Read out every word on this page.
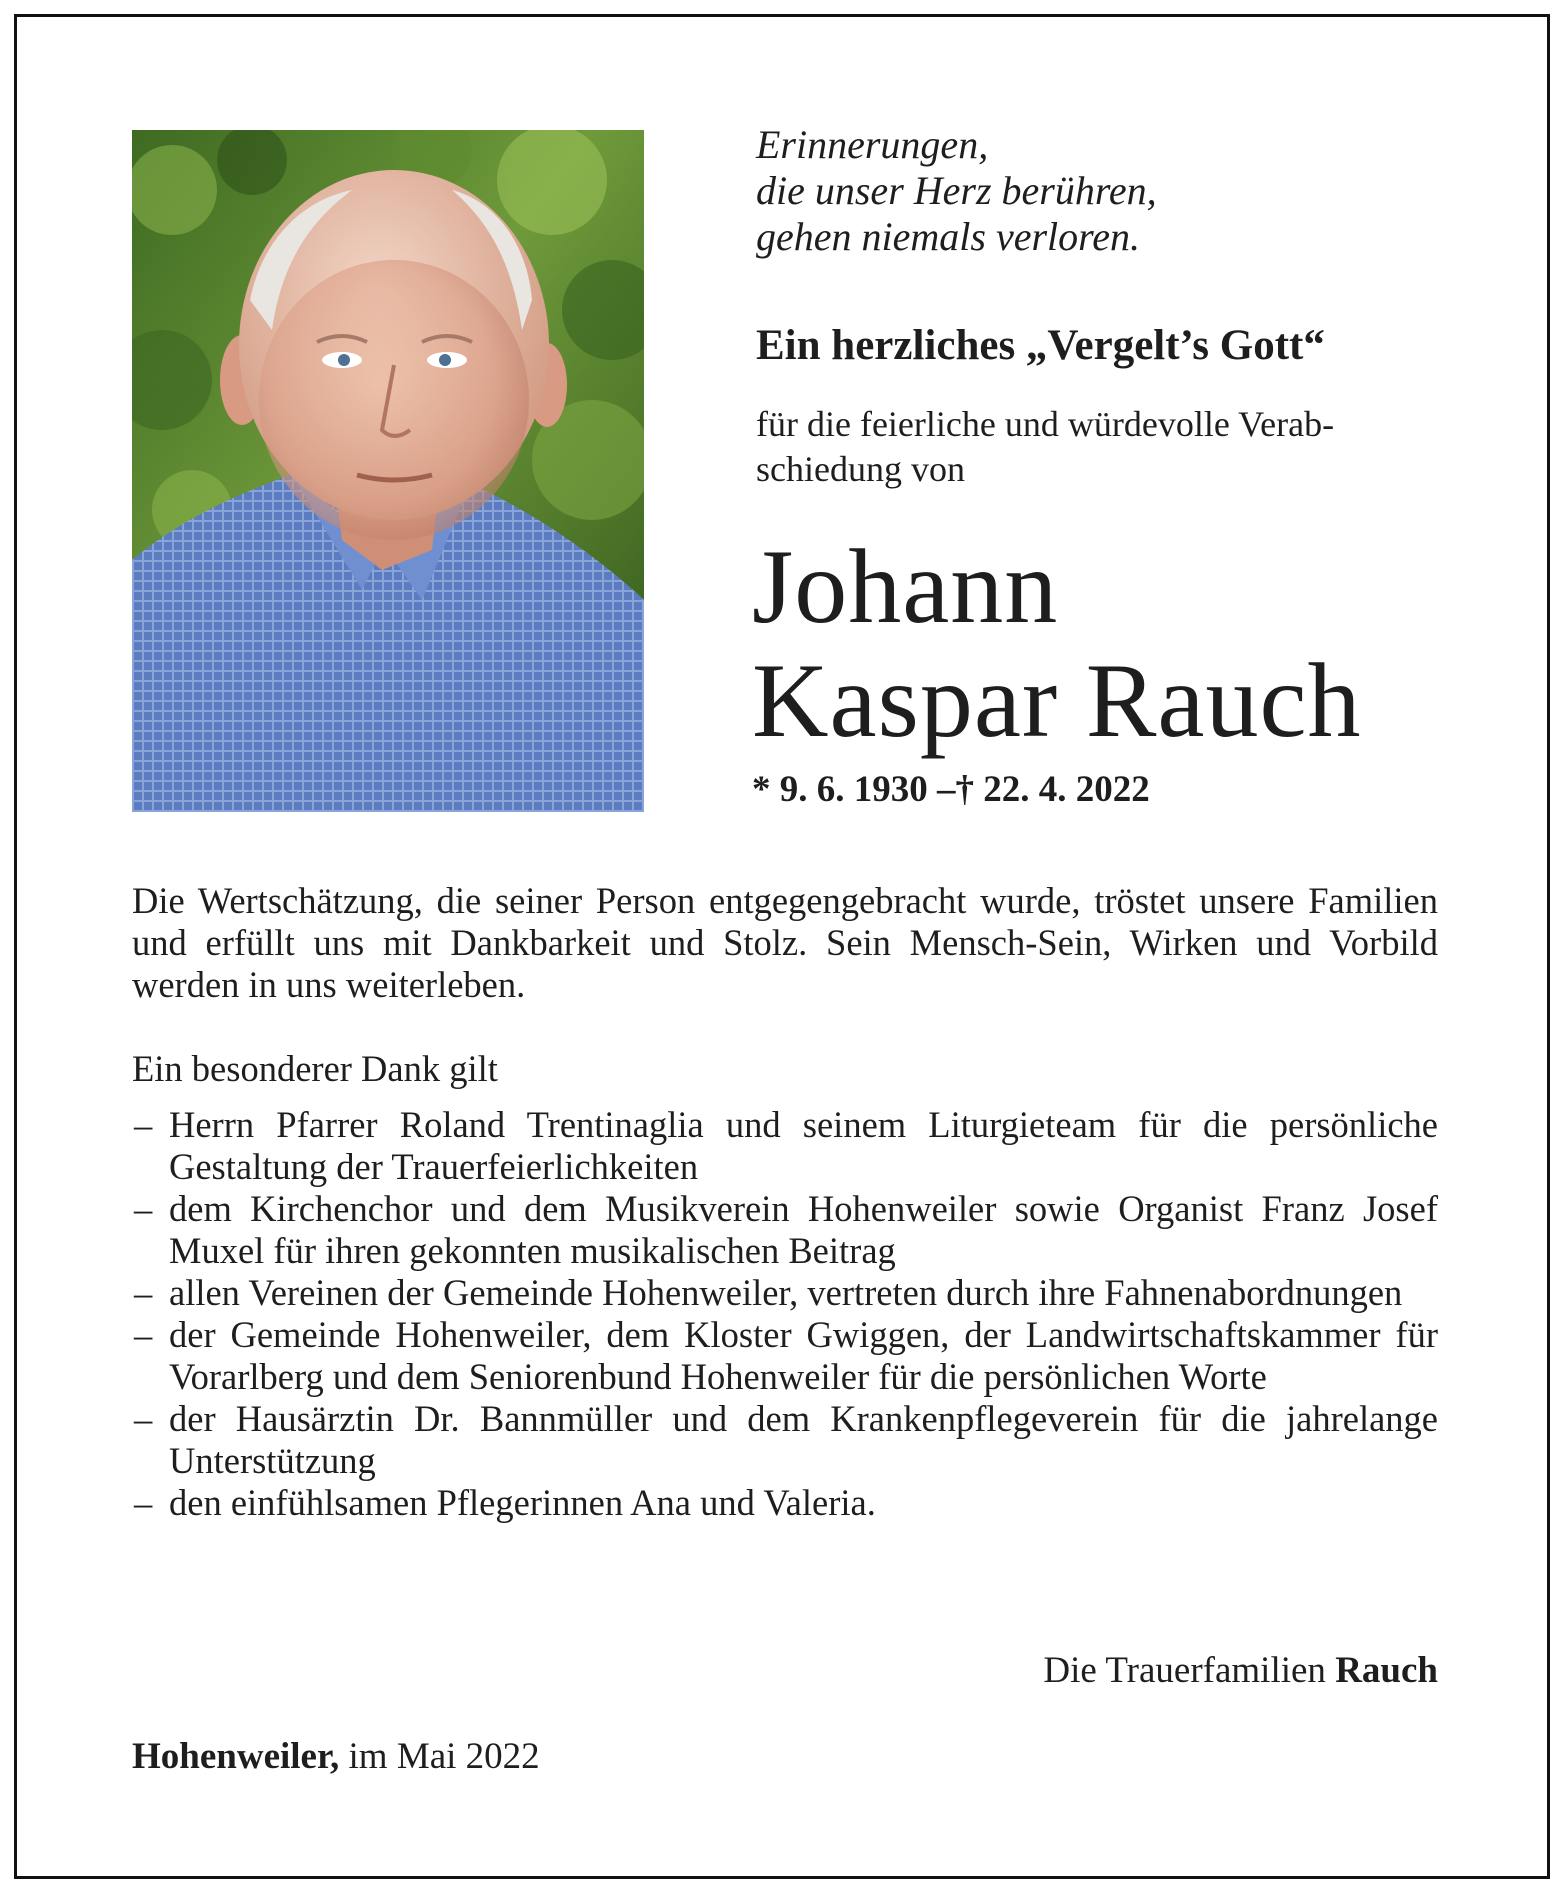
Erinnerungen,
die unser Herz berühren,
gehen niemals verloren.
Ein herzliches „Vergelt’s Gott“
für die feierliche und würdevolle Verab-
schiedung von
Johann
Kaspar Rauch
* 9. 6. 1930 –† 22. 4. 2022

Die Wertschätzung, die seiner Person entgegengebracht wurde, tröstet unsere Familien und erfüllt uns mit Dankbarkeit und Stolz. Sein Mensch-Sein, Wirken und Vorbild werden in uns weiterleben.

Ein besonderer Dank gilt

– Herrn Pfarrer Roland Trentinaglia und seinem Liturgieteam für die persönliche Gestaltung der Trauerfeierlichkeiten
– dem Kirchenchor und dem Musikverein Hohenweiler sowie Organist Franz Josef Muxel für ihren gekonnten musikalischen Beitrag
– allen Vereinen der Gemeinde Hohenweiler, vertreten durch ihre Fahnenabordnungen
– der Gemeinde Hohenweiler, dem Kloster Gwiggen, der Landwirtschaftskammer für Vorarlberg und dem Seniorenbund Hohenweiler für die persönlichen Worte
– der Hausärztin Dr. Bannmüller und dem Krankenpflegeverein für die jahrelange Unterstützung
– den einfühlsamen Pflegerinnen Ana und Valeria.
Die Trauerfamilien Rauch
Hohenweiler, im Mai 2022
